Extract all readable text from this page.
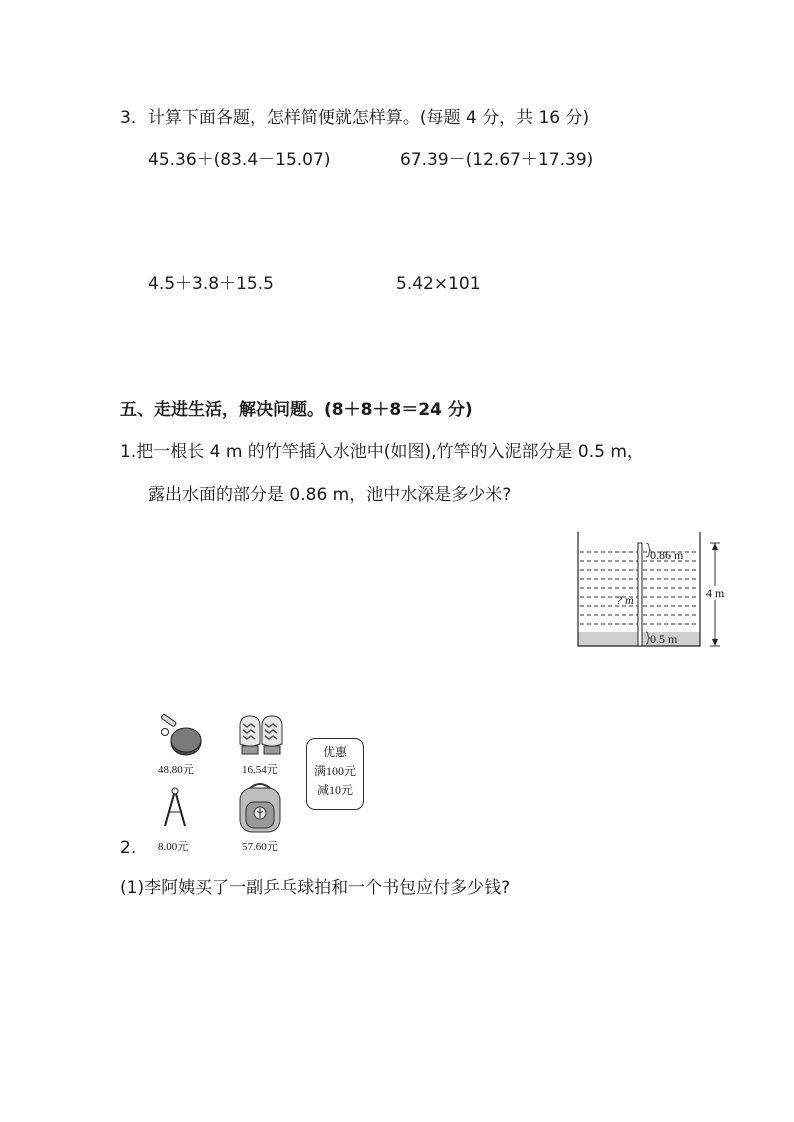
3．计算下面各题，怎样简便就怎样算。(每题 4 分，共 16 分)
45.36＋(83.4－15.07)	67.39－(12.67＋17.39)
4.5＋3.8＋15.5	5.42×101
五、走进生活，解决问题。(8＋8＋8＝24 分)
1.把一根长 4 m 的竹竿插入水池中(如图),竹竿的入泥部分是 0.5 m，
露出水面的部分是 0.86 m，池中水深是多少米?
0.86 m
? m
0.5 m
4 m
48.80元	16.54元
8.00元	57.60元
优惠
满100元
减10元
2.
(1)李阿姨买了一副乒乓球拍和一个书包应付多少钱?
